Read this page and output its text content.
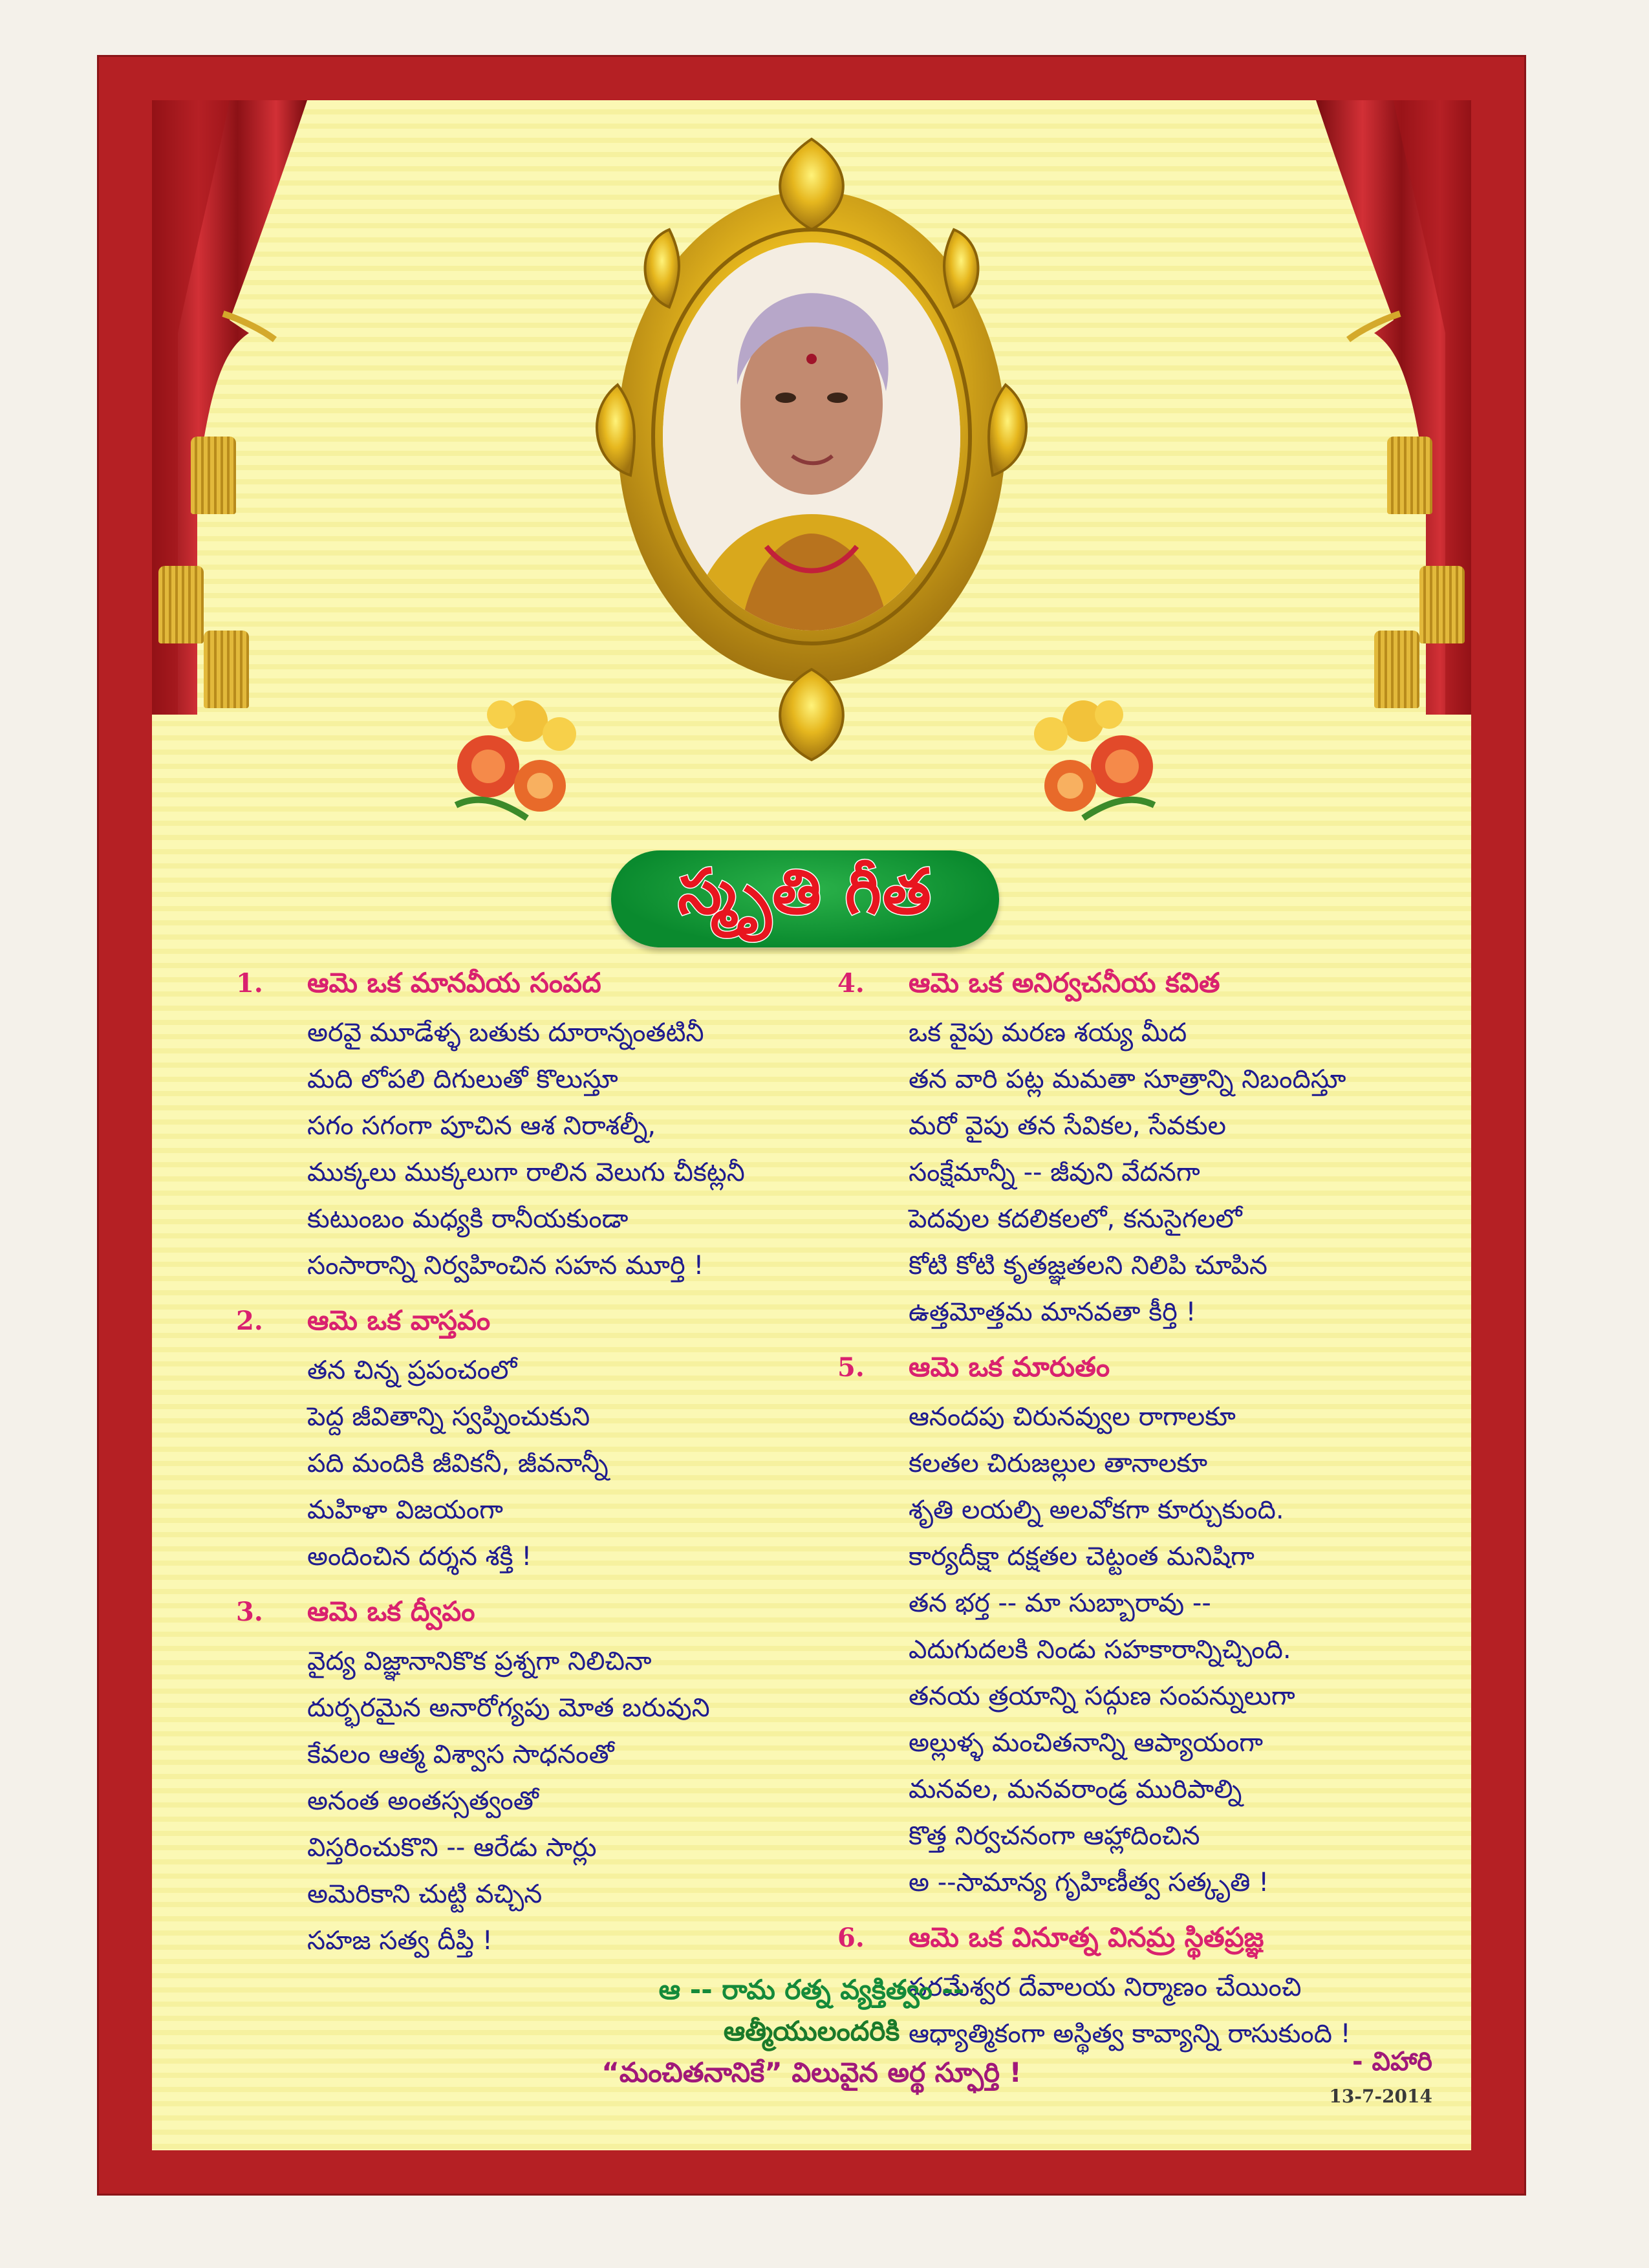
స్మృతి గీత
1.	ఆమె ఒక మానవీయ సంపద
అరవై మూడేళ్ళ బతుకు దూరాన్నంతటినీ
మది లోపలి దిగులుతో కొలుస్తూ
సగం సగంగా పూచిన ఆశ నిరాశల్నీ,
ముక్కలు ముక్కలుగా రాలిన వెలుగు చీకట్లనీ
కుటుంబం మధ్యకి రానీయకుండా
సంసారాన్ని నిర్వహించిన సహన మూర్తి !
2.	ఆమె ఒక వాస్తవం
తన చిన్న ప్రపంచంలో
పెద్ద జీవితాన్ని స్వప్నించుకుని
పది మందికి జీవికనీ, జీవనాన్నీ
మహిళా విజయంగా
అందించిన దర్శన శక్తి !
3.	ఆమె ఒక ద్వీపం
వైద్య విజ్ఞానానికొక ప్రశ్నగా నిలిచినా
దుర్భరమైన అనారోగ్యపు మోత బరువుని
కేవలం ఆత్మ విశ్వాస సాధనంతో
అనంత అంతస్సత్వంతో
విస్తరించుకొని -- ఆరేడు సార్లు
అమెరికాని చుట్టి వచ్చిన
సహజ సత్వ దీప్తి !
4.	ఆమె ఒక అనిర్వచనీయ కవిత
ఒక వైపు మరణ శయ్య మీద
తన వారి పట్ల మమతా సూత్రాన్ని నిబందిస్తూ
మరో వైపు తన సేవికల, సేవకుల
సంక్షేమాన్నీ -- జీవుని వేదనగా
పెదవుల కదలికలలో, కనుసైగలలో
కోటి కోటి కృతజ్ఞతలని నిలిపి చూపిన
ఉత్తమోత్తమ మానవతా కీర్తి !
5.	ఆమె ఒక మారుతం
ఆనందపు చిరునవ్వుల రాగాలకూ
కలతల చిరుజల్లుల తానాలకూ
శృతి లయల్ని అలవోకగా కూర్చుకుంది.
కార్యదీక్షా దక్షతల చెట్టంత మనిషిగా
తన భర్త -- మా సుబ్బారావు --
ఎదుగుదలకి నిండు సహకారాన్నిచ్చింది.
తనయ త్రయాన్ని సద్గుణ సంపన్నులుగా
అల్లుళ్ళ మంచితనాన్ని ఆప్యాయంగా
మనవల, మనవరాండ్ర మురిపాల్ని
కొత్త నిర్వచనంగా ఆహ్లాదించిన
అ --సామాన్య గృహిణీత్వ సత్కృతి !
6.	ఆమె ఒక వినూత్న వినమ్ర స్థితప్రజ్ఞ
పరమేశ్వర దేవాలయ నిర్మాణం చేయించి
ఆధ్యాత్మికంగా అస్థిత్వ కావ్యాన్ని రాసుకుంది !
ఆ -- రామ రత్న వ్యక్తిత్వం --
ఆత్మీయులందరికి
“మంచితనానికే” విలువైన అర్థ స్ఫూర్తి !	- విహారి
13-7-2014
